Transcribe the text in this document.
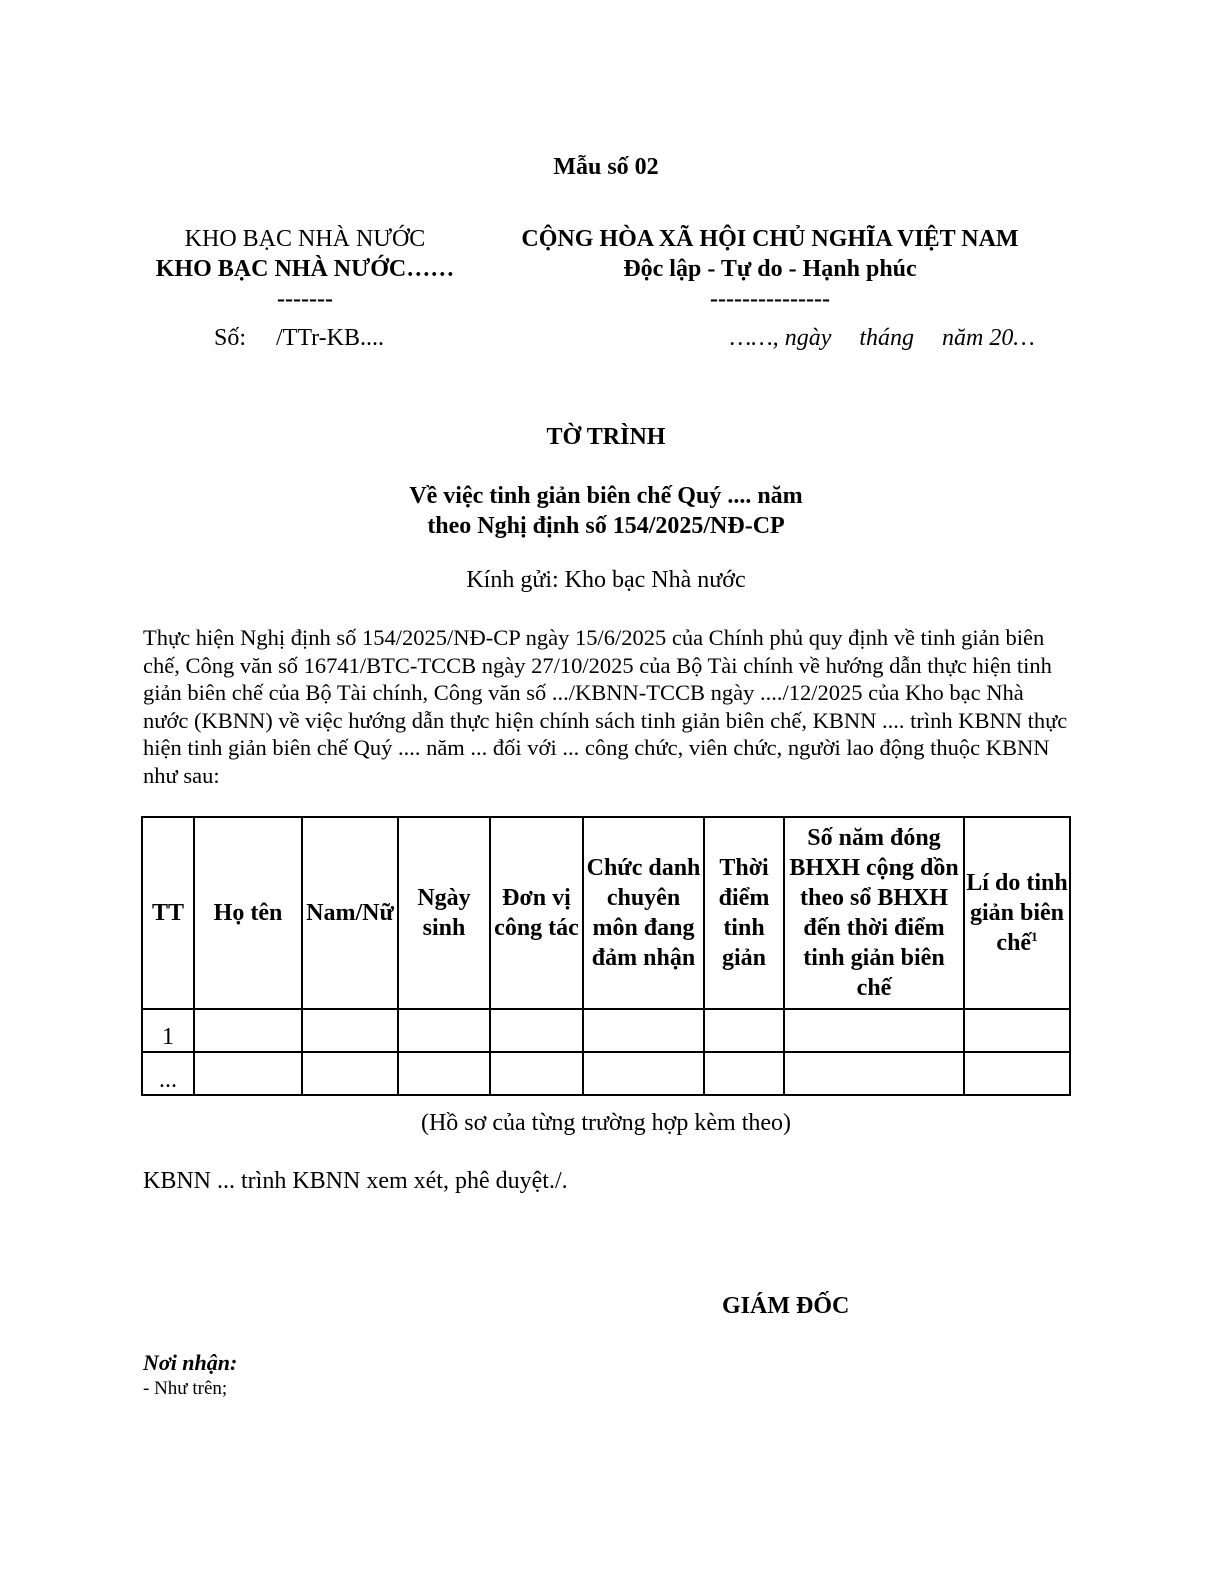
Mẫu số 02
KHO BẠC NHÀ NƯỚC
KHO BẠC NHÀ NƯỚC……
-------
CỘNG HÒA XÃ HỘI CHỦ NGHĨA VIỆT NAM
Độc lập - Tự do - Hạnh phúc
---------------
Số: /TTr-KB....	……, ngày tháng năm 20…
TỜ TRÌNH
Về việc tinh giản biên chế Quý .... năm
theo Nghị định số 154/2025/NĐ-CP
Kính gửi: Kho bạc Nhà nước
Thực hiện Nghị định số 154/2025/NĐ-CP ngày 15/6/2025 của Chính phủ quy định về tinh giản biên chế, Công văn số 16741/BTC-TCCB ngày 27/10/2025 của Bộ Tài chính về hướng dẫn thực hiện tinh giản biên chế của Bộ Tài chính, Công văn số .../KBNN-TCCB ngày ..../12/2025 của Kho bạc Nhà nước (KBNN) về việc hướng dẫn thực hiện chính sách tinh giản biên chế, KBNN .... trình KBNN thực hiện tinh giản biên chế Quý .... năm ... đối với ... công chức, viên chức, người lao động thuộc KBNN như sau:
TT	Họ tên	Nam/Nữ	Ngày sinh	Đơn vị công tác	Chức danh chuyên môn đang đảm nhận	Thời điểm tinh giản	Số năm đóng BHXH cộng dồn theo sổ BHXH đến thời điểm tinh giản biên chế	Lí do tinh giản biên chế$^1$
1								
...								
(Hồ sơ của từng trường hợp kèm theo)
KBNN ... trình KBNN xem xét, phê duyệt./.
GIÁM ĐỐC
Nơi nhận:
- Như trên;
